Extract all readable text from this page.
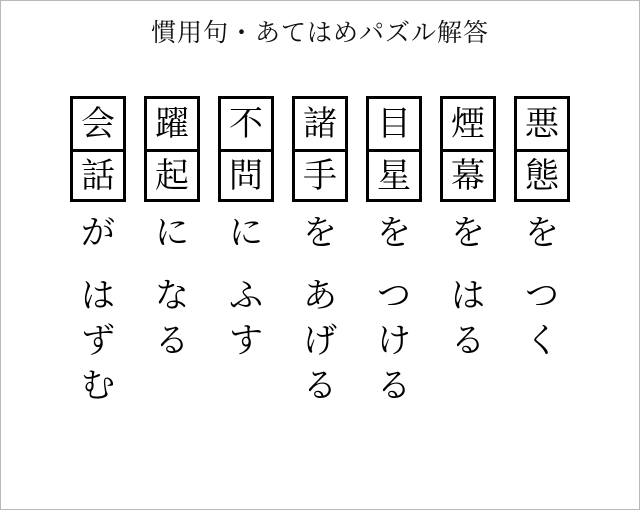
慣用句・あてはめパズル解答
悪
態
を
つ
く
煙
幕
を
は
る
目
星
を
つ
け
る
諸
手
を
あ
げ
る
不
問
に
ふ
す
躍
起
に
な
る
会
話
が
は
ず
む
